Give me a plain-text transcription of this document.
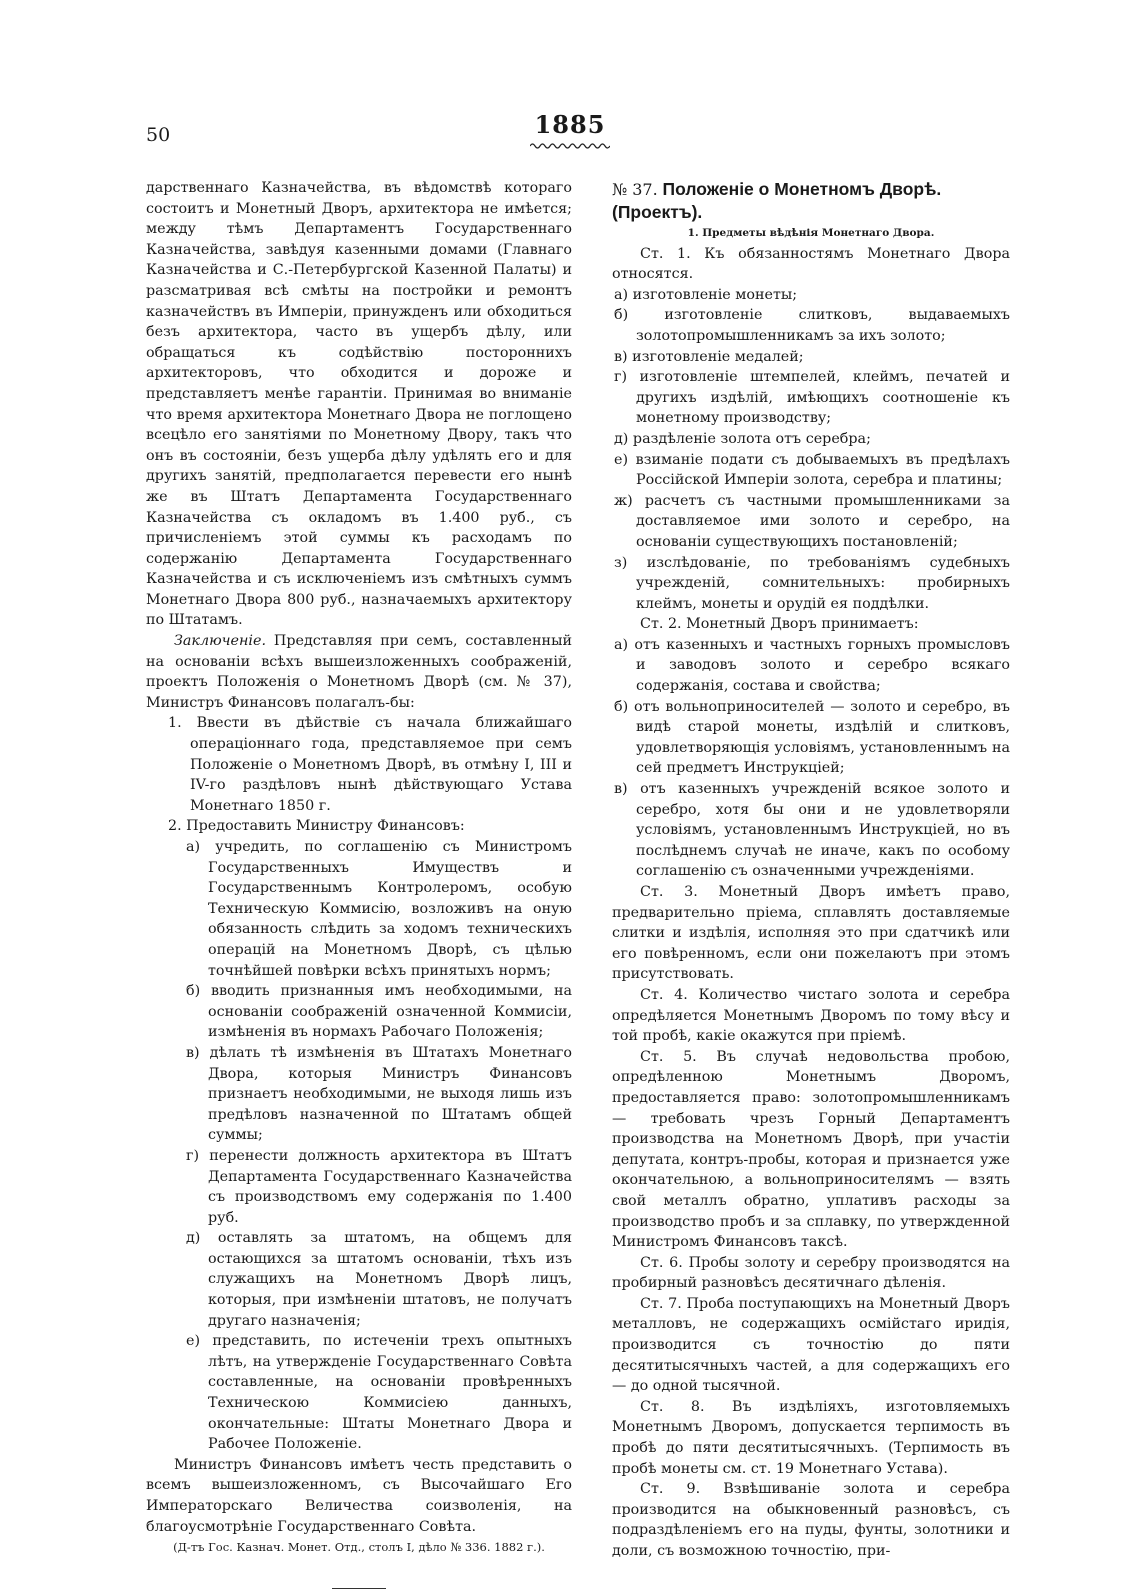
50	1885

дарственнаго Казначейства, въ вѣдомствѣ котораго состоитъ и Монетный Дворъ, архитектора не имѣется; между тѣмъ Департаментъ Государственнаго Казначейства, завѣдуя казенными домами (Главнаго Казначейства и С.-Петербургской Казенной Палаты) и разсматривая всѣ смѣты на постройки и ремонтъ казначействъ въ Имперіи, принужденъ или обходиться безъ архитектора, часто въ ущербъ дѣлу, или обращаться къ содѣйствію постороннихъ архитекторовъ, что обходится и дороже и представляетъ менѣе гарантіи. Принимая во вниманіе что время архитектора Монетнаго Двора не поглощено всецѣло его занятіями по Монетному Двору, такъ что онъ въ состояніи, безъ ущерба дѣлу удѣлять его и для другихъ занятій, предполагается перевести его нынѣ же въ Штатъ Департамента Государственнаго Казначейства съ окладомъ въ 1.400 руб., съ причисленіемъ этой суммы къ расходамъ по содержанію Департамента Государственнаго Казначейства и съ исключеніемъ изъ смѣтныхъ суммъ Монетнаго Двора 800 руб., назначаемыхъ архитектору по Штатамъ.

Заключеніе. Представляя при семъ, составленный на основаніи всѣхъ вышеизложенныхъ соображеній, проектъ Положенія о Монетномъ Дворѣ (см. № 37), Министръ Финансовъ полагалъ-бы:

1. Ввести въ дѣйствіе съ начала ближайшаго операціоннаго года, представляемое при семъ Положеніе о Монетномъ Дворѣ, въ отмѣну I, III и IV-го раздѣловъ нынѣ дѣйствующаго Устава Монетнаго 1850 г.

2. Предоставить Министру Финансовъ:

а) учредить, по соглашенію съ Министромъ Государственныхъ Имуществъ и Государственнымъ Контролеромъ, особую Техническую Коммисію, возложивъ на оную обязанность слѣдить за ходомъ техническихъ операцій на Монетномъ Дворѣ, съ цѣлью точнѣйшей повѣрки всѣхъ принятыхъ нормъ;

б) вводить признанныя имъ необходимыми, на основаніи соображеній означенной Коммисіи, измѣненія въ нормахъ Рабочаго Положенія;

в) дѣлать тѣ измѣненія въ Штатахъ Монетнаго Двора, которыя Министръ Финансовъ признаетъ необходимыми, не выходя лишь изъ предѣловъ назначенной по Штатамъ общей суммы;

г) перенести должность архитектора въ Штатъ Департамента Государственнаго Казначейства съ производствомъ ему содержанія по 1.400 руб.

д) оставлять за штатомъ, на общемъ для остающихся за штатомъ основаніи, тѣхъ изъ служащихъ на Монетномъ Дворѣ лицъ, которыя, при измѣненіи штатовъ, не получатъ другаго назначенія;

е) представить, по истеченіи трехъ опытныхъ лѣтъ, на утвержденіе Государственнаго Совѣта составленные, на основаніи провѣренныхъ Техническою Коммисіею данныхъ, окончательные: Штаты Монетнаго Двора и Рабочее Положеніе.

Министръ Финансовъ имѣетъ честь представить о всемъ вышеизложенномъ, съ Высочайшаго Его Императорскаго Величества соизволенія, на благоусмотрѣніе Государственнаго Совѣта.

(Д-тъ Гос. Казнач. Монет. Отд., столъ I, дѣло № 336. 1882 г.).

№ 37. Положеніе о Монетномъ Дворѣ. (Проектъ).

1. Предметы вѣдѣнія Монетнаго Двора.

Ст. 1. Къ обязанностямъ Монетнаго Двора относятся.

а) изготовленіе монеты;

б) изготовленіе слитковъ, выдаваемыхъ золотопромышленникамъ за ихъ золото;

в) изготовленіе медалей;

г) изготовленіе штемпелей, клеймъ, печатей и другихъ издѣлій, имѣющихъ соотношеніе къ монетному производству;

д) раздѣленіе золота отъ серебра;

е) взиманіе подати съ добываемыхъ въ предѣлахъ Россійской Имперіи золота, серебра и платины;

ж) расчетъ съ частными промышленниками за доставляемое ими золото и серебро, на основаніи существующихъ постановленій;

з) изслѣдованіе, по требованіямъ судебныхъ учрежденій, сомнительныхъ: пробирныхъ клеймъ, монеты и орудій ея поддѣлки.

Ст. 2. Монетный Дворъ принимаетъ:

а) отъ казенныхъ и частныхъ горныхъ промысловъ и заводовъ золото и серебро всякаго содержанія, состава и свойства;

б) отъ вольноприносителей — золото и серебро, въ видѣ старой монеты, издѣлій и слитковъ, удовлетворяющія условіямъ, установленнымъ на сей предметъ Инструкціей;

в) отъ казенныхъ учрежденій всякое золото и серебро, хотя бы они и не удовлетворяли условіямъ, установленнымъ Инструкціей, но въ послѣднемъ случаѣ не иначе, какъ по особому соглашенію съ означенными учрежденіями.

Ст. 3. Монетный Дворъ имѣетъ право, предварительно пріема, сплавлять доставляемые слитки и издѣлія, исполняя это при сдатчикѣ или его повѣренномъ, если они пожелаютъ при этомъ присутствовать.

Ст. 4. Количество чистаго золота и серебра опредѣляется Монетнымъ Дворомъ по тому вѣсу и той пробѣ, какіе окажутся при пріемѣ.

Ст. 5. Въ случаѣ недовольства пробою, опредѣленною Монетнымъ Дворомъ, предоставляется право: золотопромышленникамъ — требовать чрезъ Горный Департаментъ производства на Монетномъ Дворѣ, при участіи депутата, контръ-пробы, которая и признается уже окончательною, а вольноприносителямъ — взять свой металлъ обратно, уплативъ расходы за производство пробъ и за сплавку, по утвержденной Министромъ Финансовъ таксѣ.

Ст. 6. Пробы золоту и серебру производятся на пробирный разновѣсъ десятичнаго дѣленія.

Ст. 7. Проба поступающихъ на Монетный Дворъ металловъ, не содержащихъ осмійстаго иридія, производится съ точностію до пяти десятитысячныхъ частей, а для содержащихъ его — до одной тысячной.

Ст. 8. Въ издѣліяхъ, изготовляемыхъ Монетнымъ Дворомъ, допускается терпимость въ пробѣ до пяти десятитысячныхъ. (Терпимость въ пробѣ монеты см. ст. 19 Монетнаго Устава).

Ст. 9. Взвѣшиваніе золота и серебра производится на обыкновенный разновѣсъ, съ подраздѣленіемъ его на пуды, фунты, золотники и доли, съ возможною точностію, при-
